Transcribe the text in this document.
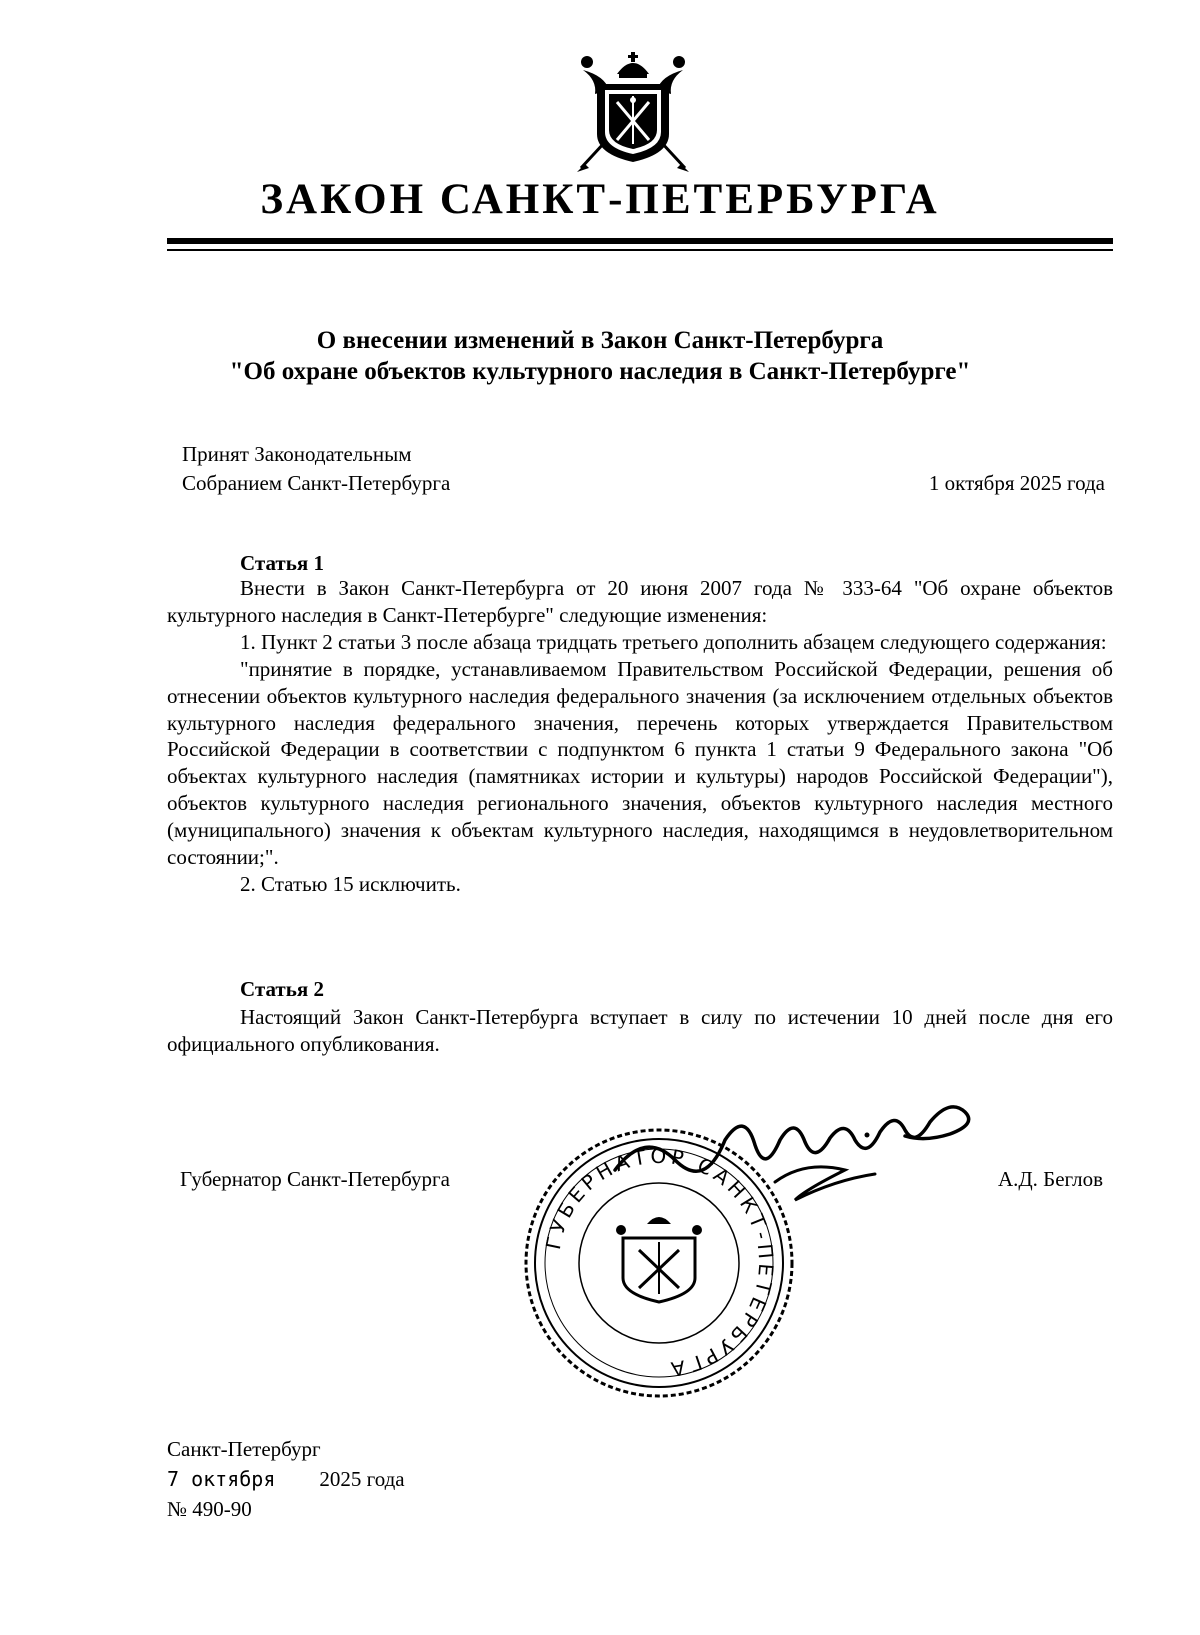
ЗАКОН САНКТ-ПЕТЕРБУРГА
О внесении изменений в Закон Санкт-Петербурга
"Об охране объектов культурного наследия в Санкт-Петербурге"
Принят Законодательным
Собранием Санкт-Петербурга	1 октября 2025 года
Статья 1

Внести в Закон Санкт-Петербурга от 20 июня 2007 года № 333-64 "Об охране объектов культурного наследия в Санкт-Петербурге" следующие изменения:

1. Пункт 2 статьи 3 после абзаца тридцать третьего дополнить абзацем следующего содержания:

"принятие в порядке, устанавливаемом Правительством Российской Федерации, решения об отнесении объектов культурного наследия федерального значения (за исключением отдельных объектов культурного наследия федерального значения, перечень которых утверждается Правительством Российской Федерации в соответствии с подпунктом 6 пункта 1 статьи 9 Федерального закона "Об объектах культурного наследия (памятниках истории и культуры) народов Российской Федерации"), объектов культурного наследия регионального значения, объектов культурного наследия местного (муниципального) значения к объектам культурного наследия, находящимся в неудовлетворительном состоянии;".

2. Статью 15 исключить.

Статья 2

Настоящий Закон Санкт-Петербурга вступает в силу по истечении 10 дней после дня его официального опубликования.

Губернатор Санкт-Петербурга	А.Д. Беглов
ГУБЕРНАТОР САНКТ-ПЕТЕРБУРГА
Санкт-Петербург
7 октября 2025 года
№ 490-90
